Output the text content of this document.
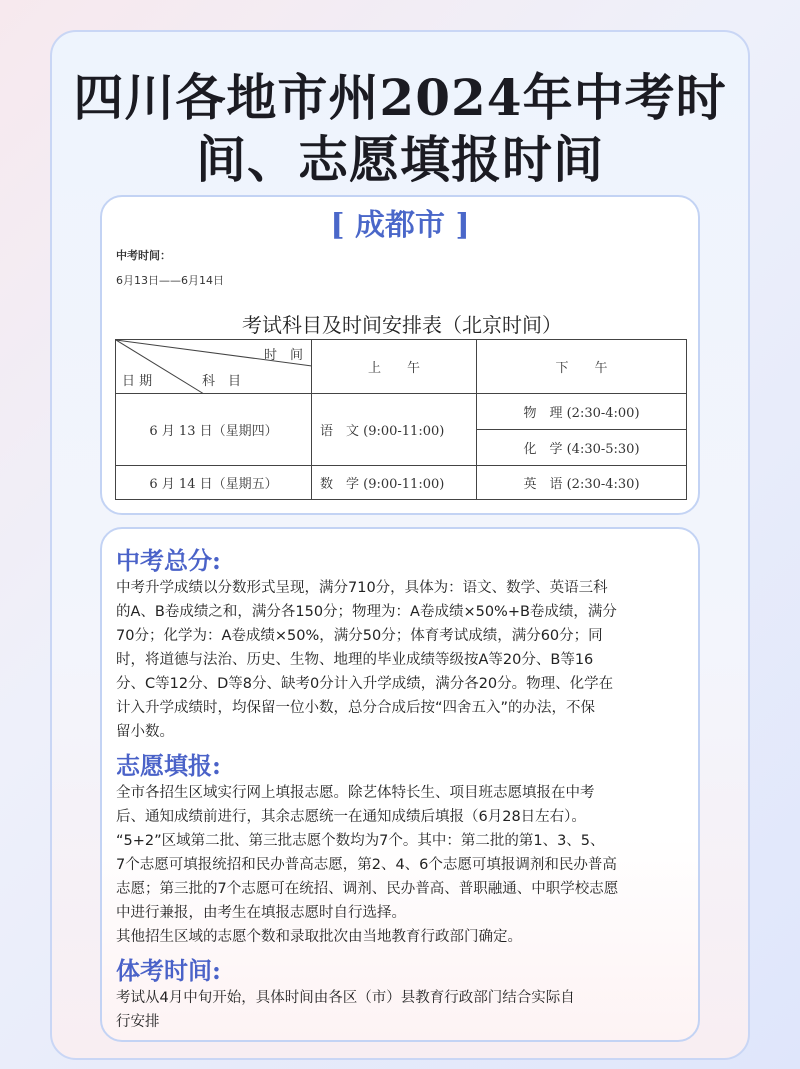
四川各地市州2024年中考时
间、志愿填报时间
中考时间：
6月13日——6月14日
考试科目及时间安排表（北京时间）
时　间
日 期 科　目	上　　午	下　　午
6 月 13 日（星期四）	语　文 (9:00-11:00)	物　理 (2:30-4:00)
		化　学 (4:30-5:30)
6 月 14 日（星期五）	数　学 (9:00-11:00)	英　语 (2:30-4:30)
[ 成都市 ]
中考总分:
中考升学成绩以分数形式呈现，满分710分，具体为：语文、数学、英语三科
的A、B卷成绩之和，满分各150分；物理为：A卷成绩×50%+B卷成绩，满分
70分；化学为：A卷成绩×50%，满分50分；体育考试成绩，满分60分；同
时，将道德与法治、历史、生物、地理的毕业成绩等级按A等20分、B等16
分、C等12分、D等8分、缺考0分计入升学成绩，满分各20分。物理、化学在
计入升学成绩时，均保留一位小数，总分合成后按“四舍五入”的办法，不保
留小数。
志愿填报:
全市各招生区域实行网上填报志愿。除艺体特长生、项目班志愿填报在中考
后、通知成绩前进行，其余志愿统一在通知成绩后填报（6月28日左右）。
“5+2”区域第二批、第三批志愿个数均为7个。其中：第二批的第1、3、5、
7个志愿可填报统招和民办普高志愿，第2、4、6个志愿可填报调剂和民办普高
志愿；第三批的7个志愿可在统招、调剂、民办普高、普职融通、中职学校志愿
中进行兼报，由考生在填报志愿时自行选择。
其他招生区域的志愿个数和录取批次由当地教育行政部门确定。
体考时间:
考试从4月中旬开始，具体时间由各区（市）县教育行政部门结合实际自
行安排
